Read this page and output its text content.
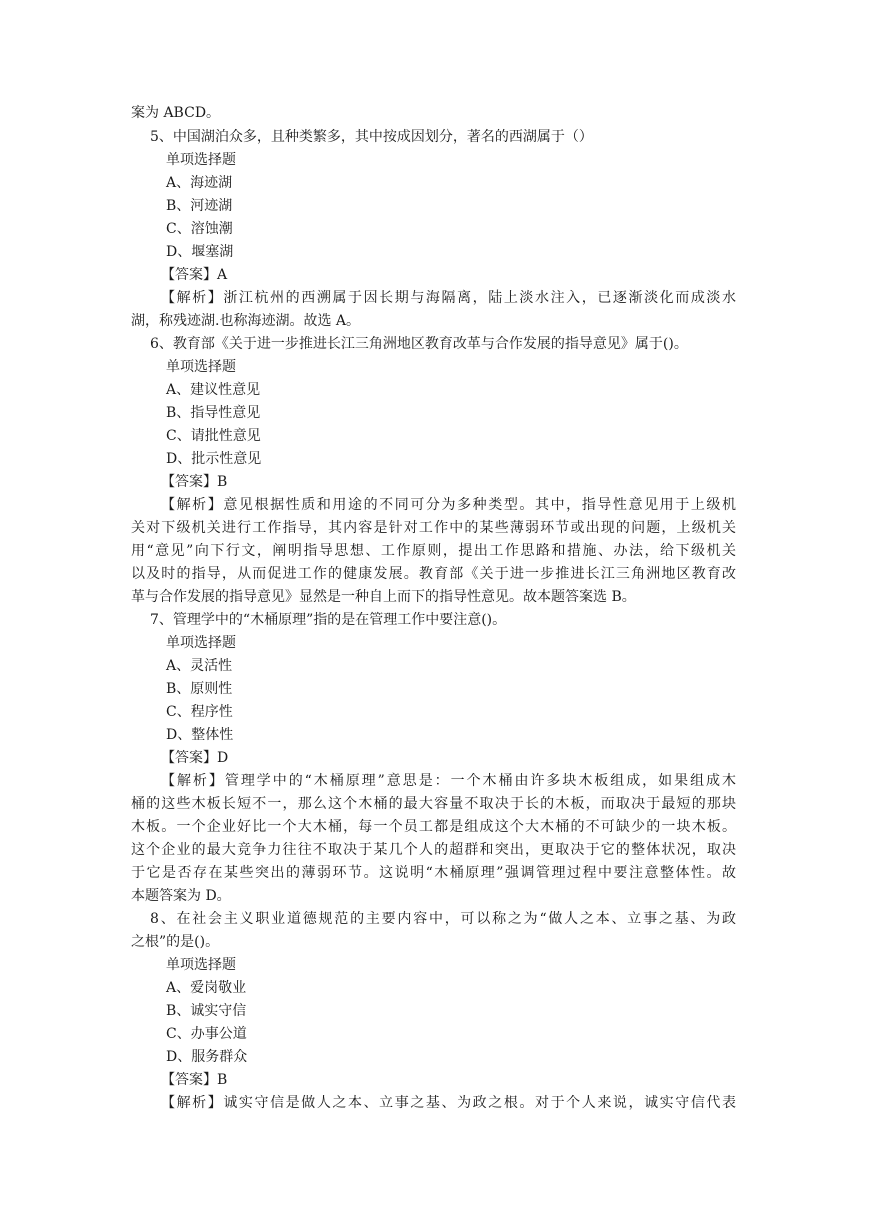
案为 ABCD。
5、中国湖泊众多，且种类繁多，其中按成因划分，著名的西湖属于（）
单项选择题
A、海迹湖
B、河迹湖
C、溶蚀潮
D、堰塞湖
【答案】A
【解析】浙江杭州的西溯属于因长期与海隔离，陆上淡水注入，已逐渐淡化而成淡水
湖，称残迹湖.也称海迹湖。故选 A。
6、教育部《关于进一步推进长江三角洲地区教育改革与合作发展的指导意见》属于()。
单项选择题
A、建议性意见
B、指导性意见
C、请批性意见
D、批示性意见
【答案】B
【解析】意见根据性质和用途的不同可分为多种类型。其中，指导性意见用于上级机
关对下级机关进行工作指导，其内容是针对工作中的某些薄弱环节或出现的问题，上级机关
用“意见”向下行文，阐明指导思想、工作原则，提出工作思路和措施、办法，给下级机关
以及时的指导，从而促进工作的健康发展。教育部《关于进一步推进长江三角洲地区教育改
革与合作发展的指导意见》显然是一种自上而下的指导性意见。故本题答案选 B。
7、管理学中的“木桶原理”指的是在管理工作中要注意()。
单项选择题
A、灵活性
B、原则性
C、程序性
D、整体性
【答案】D
【解析】管理学中的“木桶原理”意思是：一个木桶由许多块木板组成，如果组成木
桶的这些木板长短不一，那么这个木桶的最大容量不取决于长的木板，而取决于最短的那块
木板。一个企业好比一个大木桶，每一个员工都是组成这个大木桶的不可缺少的一块木板。
这个企业的最大竞争力往往不取决于某几个人的超群和突出，更取决于它的整体状况，取决
于它是否存在某些突出的薄弱环节。这说明“木桶原理”强调管理过程中要注意整体性。故
本题答案为 D。
8、在社会主义职业道德规范的主要内容中，可以称之为“做人之本、立事之基、为政
之根”的是()。
单项选择题
A、爱岗敬业
B、诚实守信
C、办事公道
D、服务群众
【答案】B
【解析】诚实守信是做人之本、立事之基、为政之根。对于个人来说，诚实守信代表
